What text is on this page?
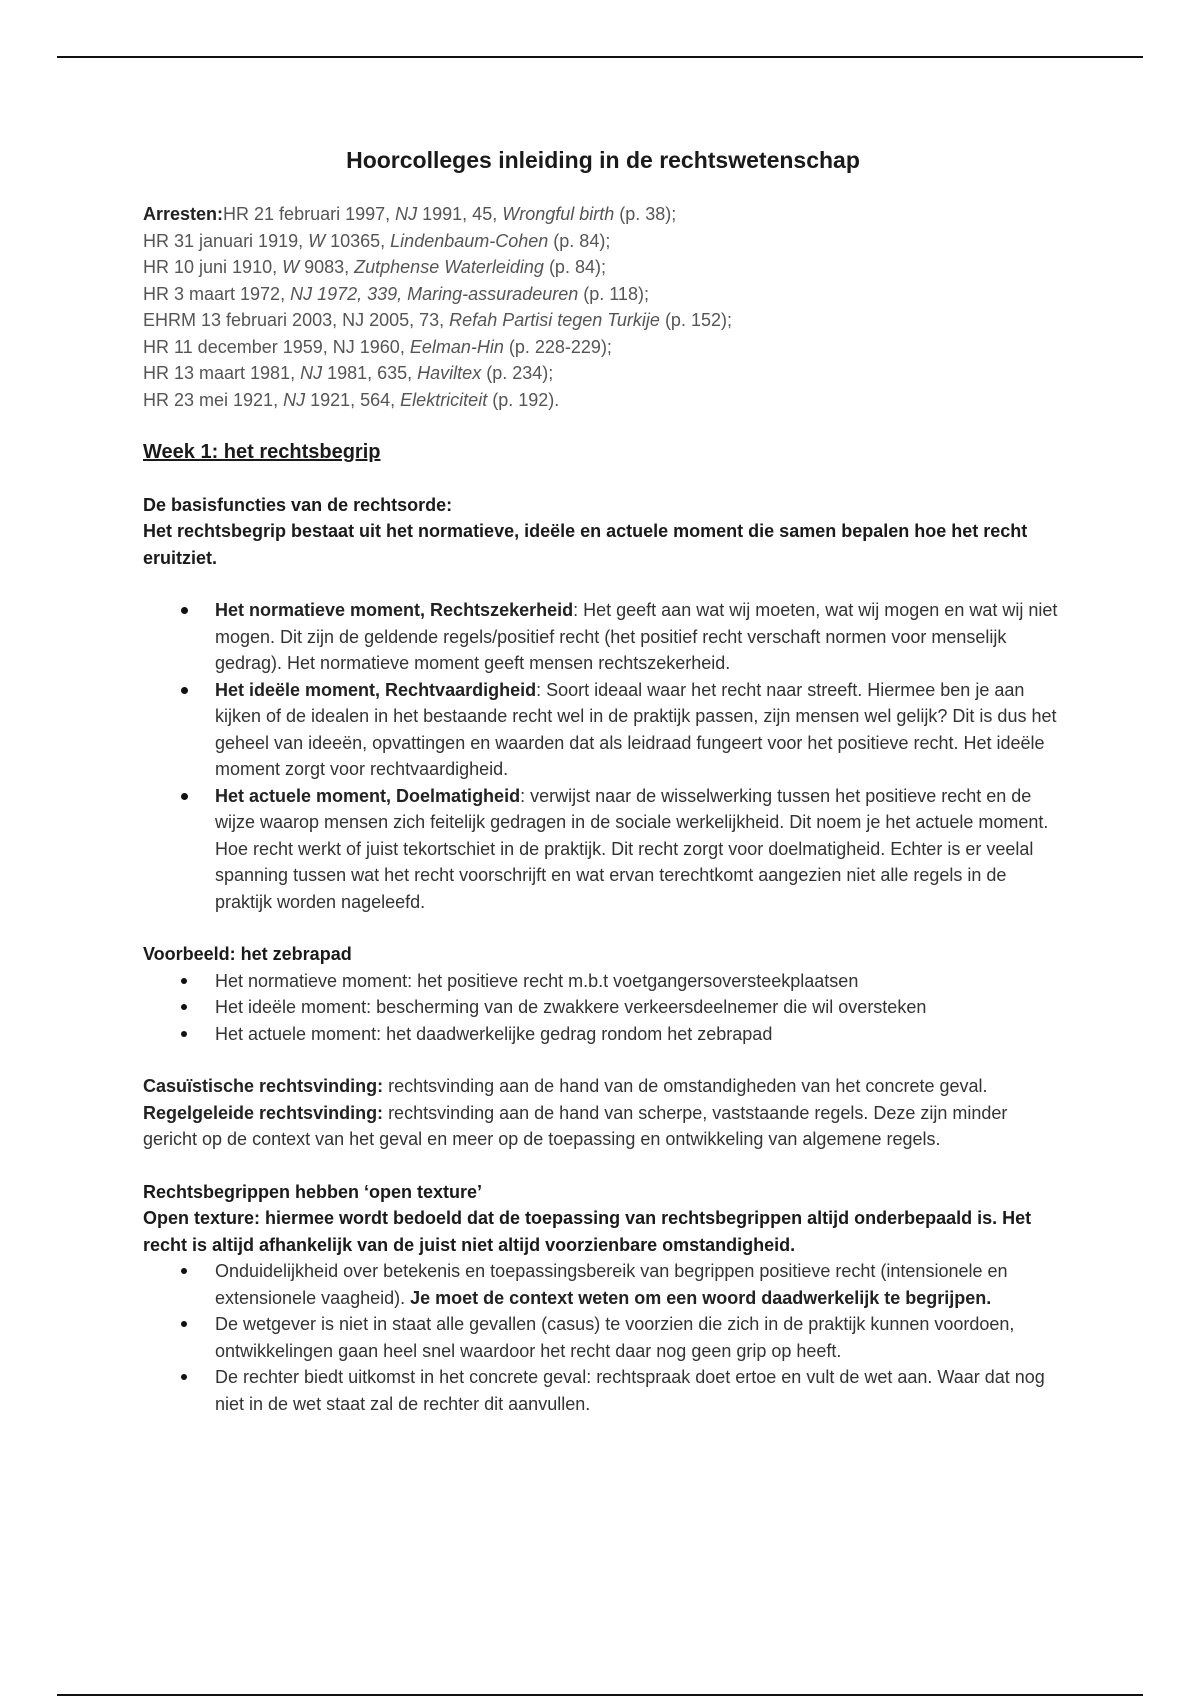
Hoorcolleges inleiding in de rechtswetenschap
Arresten:HR 21 februari 1997, NJ 1991, 45, Wrongful birth (p. 38);
HR 31 januari 1919, W 10365, Lindenbaum-Cohen (p. 84);
HR 10 juni 1910, W 9083, Zutphense Waterleiding (p. 84);
HR 3 maart 1972, NJ 1972, 339, Maring-assuradeuren (p. 118);
EHRM 13 februari 2003, NJ 2005, 73, Refah Partisi tegen Turkije (p. 152);
HR 11 december 1959, NJ 1960, Eelman-Hin (p. 228-229);
HR 13 maart 1981, NJ 1981, 635, Haviltex (p. 234);
HR 23 mei 1921, NJ 1921, 564, Elektriciteit (p. 192).
Week 1: het rechtsbegrip

De basisfuncties van de rechtsorde:

Het rechtsbegrip bestaat uit het normatieve, ideële en actuele moment die samen bepalen hoe het recht eruitziet.

Het normatieve moment, Rechtszekerheid: Het geeft aan wat wij moeten, wat wij mogen en wat wij niet mogen. Dit zijn de geldende regels/positief recht (het positief recht verschaft normen voor menselijk gedrag). Het normatieve moment geeft mensen rechtszekerheid.
Het ideële moment, Rechtvaardigheid: Soort ideaal waar het recht naar streeft. Hiermee ben je aan kijken of de idealen in het bestaande recht wel in de praktijk passen, zijn mensen wel gelijk? Dit is dus het geheel van ideeën, opvattingen en waarden dat als leidraad fungeert voor het positieve recht. Het ideële moment zorgt voor rechtvaardigheid.
Het actuele moment, Doelmatigheid: verwijst naar de wisselwerking tussen het positieve recht en de wijze waarop mensen zich feitelijk gedragen in de sociale werkelijkheid. Dit noem je het actuele moment. Hoe recht werkt of juist tekortschiet in de praktijk. Dit recht zorgt voor doelmatigheid. Echter is er veelal spanning tussen wat het recht voorschrijft en wat ervan terechtkomt aangezien niet alle regels in de praktijk worden nageleefd.

Voorbeeld: het zebrapad

Het normatieve moment: het positieve recht m.b.t voetgangersoversteekplaatsen
Het ideële moment: bescherming van de zwakkere verkeersdeelnemer die wil oversteken
Het actuele moment: het daadwerkelijke gedrag rondom het zebrapad

Casuïstische rechtsvinding: rechtsvinding aan de hand van de omstandigheden van het concrete geval.

Regelgeleide rechtsvinding: rechtsvinding aan de hand van scherpe, vaststaande regels. Deze zijn minder gericht op de context van het geval en meer op de toepassing en ontwikkeling van algemene regels.

Rechtsbegrippen hebben ‘open texture’

Open texture: hiermee wordt bedoeld dat de toepassing van rechtsbegrippen altijd onderbepaald is. Het recht is altijd afhankelijk van de juist niet altijd voorzienbare omstandigheid.

Onduidelijkheid over betekenis en toepassingsbereik van begrippen positieve recht (intensionele en extensionele vaagheid). Je moet de context weten om een woord daadwerkelijk te begrijpen.
De wetgever is niet in staat alle gevallen (casus) te voorzien die zich in de praktijk kunnen voordoen, ontwikkelingen gaan heel snel waardoor het recht daar nog geen grip op heeft.
De rechter biedt uitkomst in het concrete geval: rechtspraak doet ertoe en vult de wet aan. Waar dat nog niet in de wet staat zal de rechter dit aanvullen.
